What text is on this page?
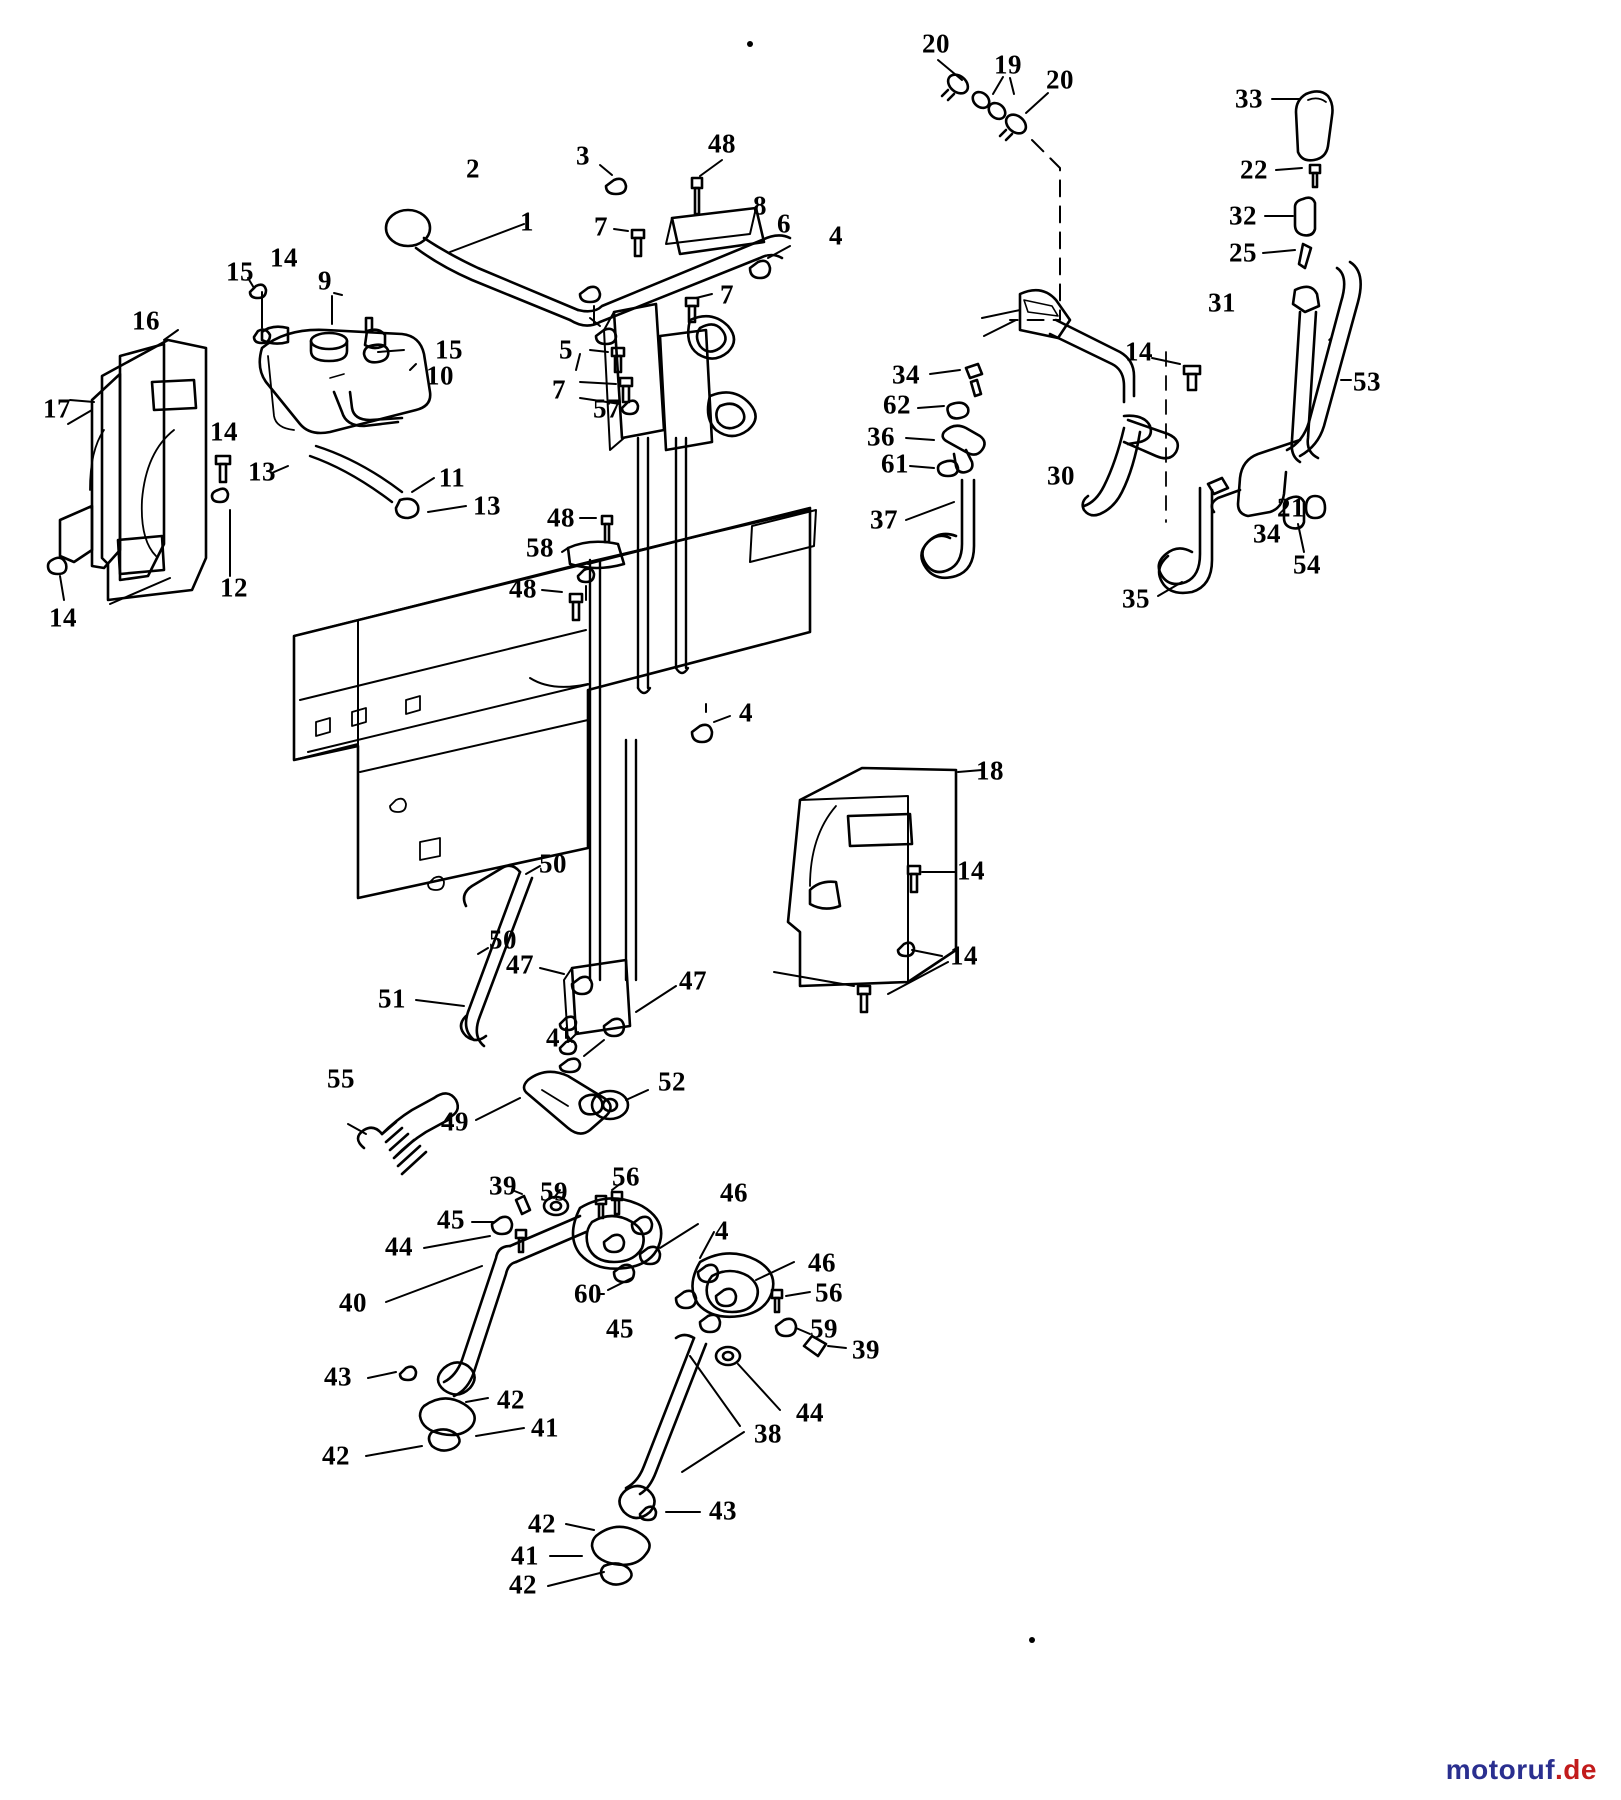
20
19 20
33
2	3	48
22
1
8
6 4
7	32
25
15 14
9	7	31
16
15	5
10
14
34	53
7
57	62
17
14	36
30
61
13	11
13	21
34
48	37
58
54
12
14
48	35
4
18
14
50
50
14
47
47
51
4
55	52
49
39 59 56
46
45
44
4
46
60	56
40
45	59
39
43
42	44
41	38
42
43
42
41
42
motoruf.de
